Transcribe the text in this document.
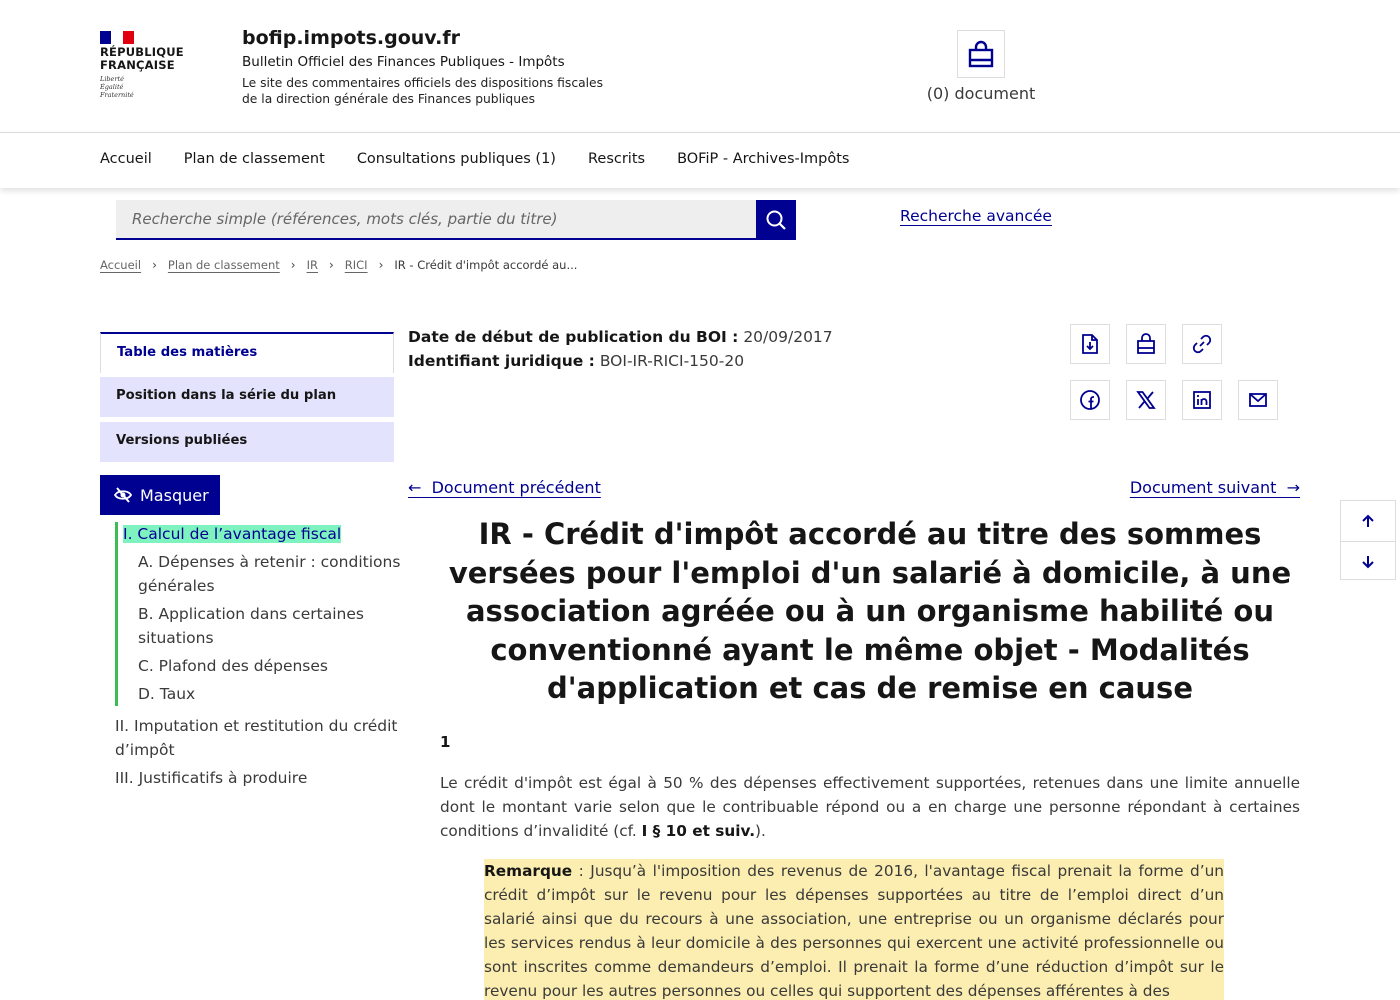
RÉPUBLIQUE
FRANÇAISE
Liberté
Égalité
Fraternité
bofip.impots.gouv.fr
Bulletin Officiel des Finances Publiques - Impôts
Le site des commentaires officiels des dispositions fiscales
de la direction générale des Finances publiques	(0) document
Accueil Plan de classement Consultations publiques (1) Rescrits BOFiP - Archives-Impôts
Recherche simple (références, mots clés, partie du titre)
Recherche avancée
Accueil › Plan de classement › IR › RICI › IR - Crédit d'impôt accordé au...
Table des matières
Position dans la série du plan
Versions publiées
Masquer
I. Calcul de l’avantage fiscal
A. Dépenses à retenir : conditions générales
B. Application dans certaines situations
C. Plafond des dépenses
D. Taux
II. Imputation et restitution du crédit d’impôt
III. Justificatifs à produire
Date de début de publication du BOI : 20/09/2017
Identifiant juridique : BOI-IR-RICI-150-20
← Document précédent	Document suivant →
IR - Crédit d'impôt accordé au titre des sommes versées pour l'emploi d'un salarié à domicile, à une association agréée ou à un organisme habilité ou conventionné ayant le même objet - Modalités d'application et cas de remise en cause
1

Le crédit d'impôt est égal à 50 % des dépenses effectivement supportées, retenues dans une limite annuelle dont le montant varie selon que le contribuable répond ou a en charge une personne répondant à certaines conditions d’invalidité (cf. I § 10 et suiv.).

Remarque : Jusqu’à l'imposition des revenus de 2016, l'avantage fiscal prenait la forme d’un crédit d’impôt sur le revenu pour les dépenses supportées au titre de l’emploi direct d’un salarié ainsi que du recours à une association, une entreprise ou un organisme déclarés pour les services rendus à leur domicile à des personnes qui exercent une activité professionnelle ou sont inscrites comme demandeurs d’emploi. Il prenait la forme d’une réduction d’impôt sur le revenu pour les autres personnes ou celles qui supportent des dépenses afférentes à des
